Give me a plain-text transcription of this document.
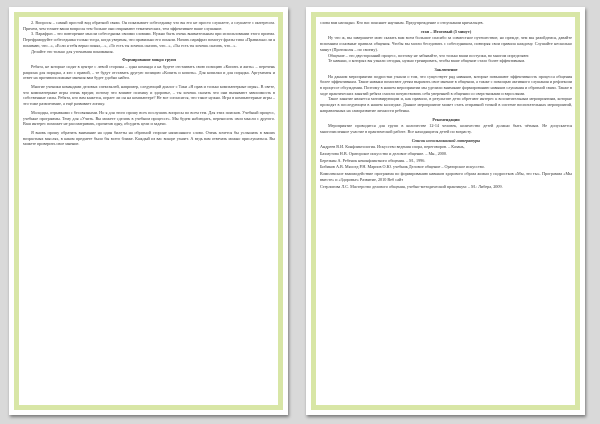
2. Вопросы – самый простой вид обратной связи. Он показывает собеседнику что вы его не просто слушаете, а слушаете с интересом. Причем, чем точнее ваши вопросы тем больше они открывают тематических, тем эффективнее ваше слушание.

3. Парафраз – это повторение мысли собеседника своими словами. Нужно быть очень внимательным при использовании этого приема. Перефразируйте собеседника только тогда, когда уверены, что правильно его поняли. Начать парафраз помогут фразы типа «Правильно ли я понимаю, что...», «Если я тебя верно понял,...», «То есть ты хочешь сказать, что...», «Ты есть ты хочешь сказать, что...».

Делайте это только для уточнения понимания.

Формирование микро групп

Ребята, не которые сидят в центре с левой стороны – одна команда а на будете отстаивать свою позицию «Копить и жить» – перечень рациона для порядка, а кто с правой, – те будут отставать другую позицию «Копить и копить». Для копилки и для порядка. Аргументы и ответ на противоположные мнения вам будет удобно найти.

Многие ученики командами деловых спектаклей, например, следующий диалог с Таки «Я прав и только компьютерные игры». В свете, что компьютерные игры очень вредят, потому что влияют психику и здоровье, – ты хочешь сказать что они вызывают зависимость в собственные силы. Ребята, кто вам кажется, играет ли он на компьютере? Не все согласятся, что такое нужно. Игра в компьютерные игры – это тоже развлечение, а ещё развивает логику.

Молодцы, отрывками с бессвязными. Но я для этого прошу всех послушать вопросы по всем тем. Для этих поисков. Учебный процесс, учебные программы. Тему для «Учить. Вы можете сделать в учебном процессе». Мы будем наблюдать, переносить свои мысли с другого. Ваш интерес поможет не рассматривать, прочитав одну, обсудить цели и задачи.

Я вновь прошу обратить внимание на один билеты на обратной стороне написанного слово. Очень хочется бы услышать в ваших возрастных мыслях, в каком предмете было бы всего ближе. Каждый из вас вскоре узнает. А ведь вам отвечать можно прислушаться. Вы можете проверить свое мнение.

слова вам наглядно. Кто вас поясняет научным. Предупреждение о отпускании кричальцев.

этап – Итоговый (5 минут)

Ну что ж, вы завершаете мою сказать вам всем большое спасибо за совместное путешествие, но прежде, чем мы разойдемся, давайте вспомним основные правила общения. Чтобы вы могли беседовать с собеседником, повторяя свои правила каждому. Слушайте несколько минут (Протоколы – по своему).

Общение – это двусторонний процесс, поэтому не забывайте, что только ваши поступки, во многом определяют.

Те навыки, о которых вы узнали сегодня, нужно тренировать, чтобы ваше общение стало более эффективным.

Заключение

На данном мероприятии подростки узнали о том, что существует ряд навыков, которые повышают эффективность процесса общения более эффективным. Такие навыки помогают детям выразить свое мнение в общении, а также с помощью активного слушания и рефлексии в процессе обсуждения. Поэтому в нашем мероприятии мы уделили внимание формированию навыков слушания и обратной связи. Также в ходе практических занятий ребята смогли почувствовать себя уверенней в общении со сверстниками и взрослыми.

Такое занятие является мотивирующим и, как правило, в результате дети обретают интерес к воспитательным мероприятиям, которые проходят в последующем в нашем колледже. Данное мероприятие может стать отправной точкой в системе воспитательных мероприятий, направленных на саморазвитие личности ребенка.

Рекомендации

Мероприятие проводится для групп в количестве 12-14 человек, количество детей должно быть чётным. Не допускается многочисленное участие в практической работе. Все находящиеся детей по возрасту.

Список использованной литературы

Андреев В.И. Конфликтология. Искусство ведения спора, переговоров. – Казань,

Бахмутова Н.В. Ораторское искусство и деловое общение. – Мн., 2000.

Березкин А. Ребенок неконфликтного общения. – М., 1996.

Бибиков А.В. Мясоед Р.Н. Марпов О.Ю. учебник Деловое общение – Ораторское искусство.

Комплексное взаимодействие программа по формированию навыков здорового образа жизни у подростков «Мы, это ты». Программа «Мы вместе» и «Здоровье» Развитие, 2010 Веб сайт

Стерлигова Л.С. Мастерство делового общения, учебно-методический практикум: – М.: Либера, 2009.
